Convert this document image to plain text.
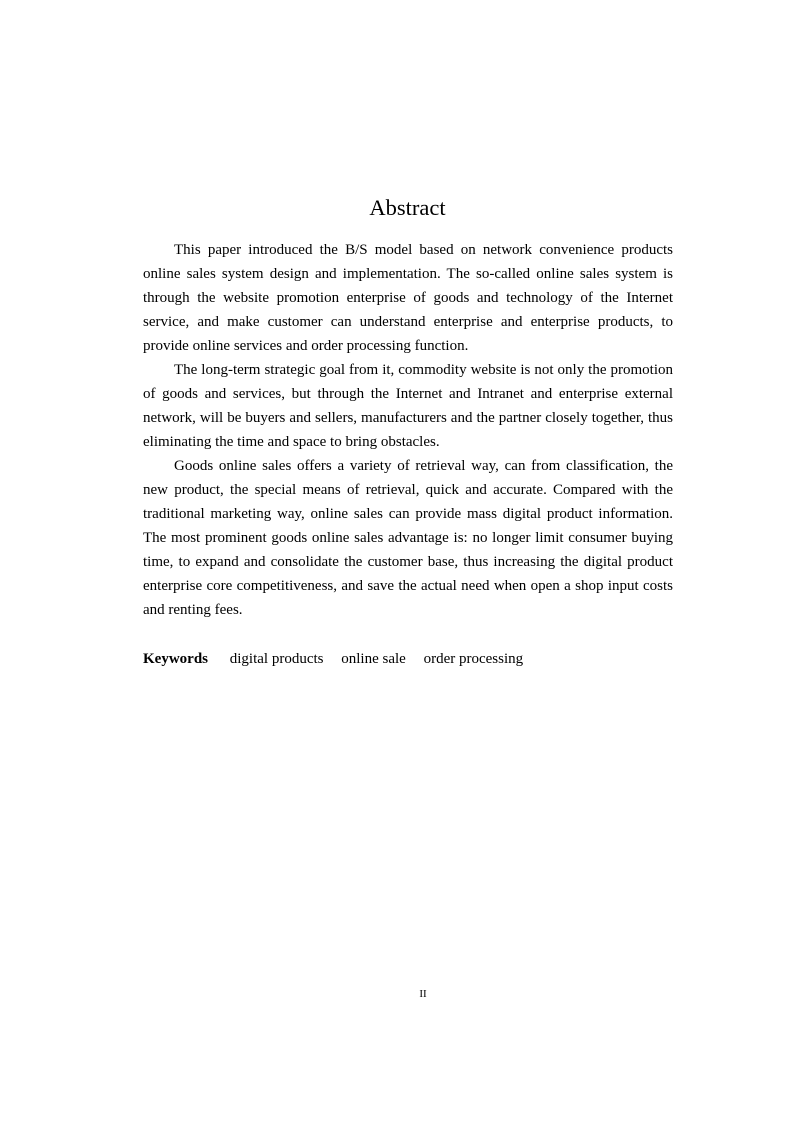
Abstract

This paper introduced the B/S model based on network convenience products online sales system design and implementation. The so-called online sales system is through the website promotion enterprise of goods and technology of the Internet service, and make customer can understand enterprise and enterprise products, to provide online services and order processing function.

The long-term strategic goal from it, commodity website is not only the promotion of goods and services, but through the Internet and Intranet and enterprise external network, will be buyers and sellers, manufacturers and the partner closely together, thus eliminating the time and space to bring obstacles.

Goods online sales offers a variety of retrieval way, can from classification, the new product, the special means of retrieval, quick and accurate. Compared with the traditional marketing way, online sales can provide mass digital product information. The most prominent goods online sales advantage is: no longer limit consumer buying time, to expand and consolidate the customer base, thus increasing the digital product enterprise core competitiveness, and save the actual need when open a shop input costs and renting fees.

Keywords digital products online sale order processing
II
